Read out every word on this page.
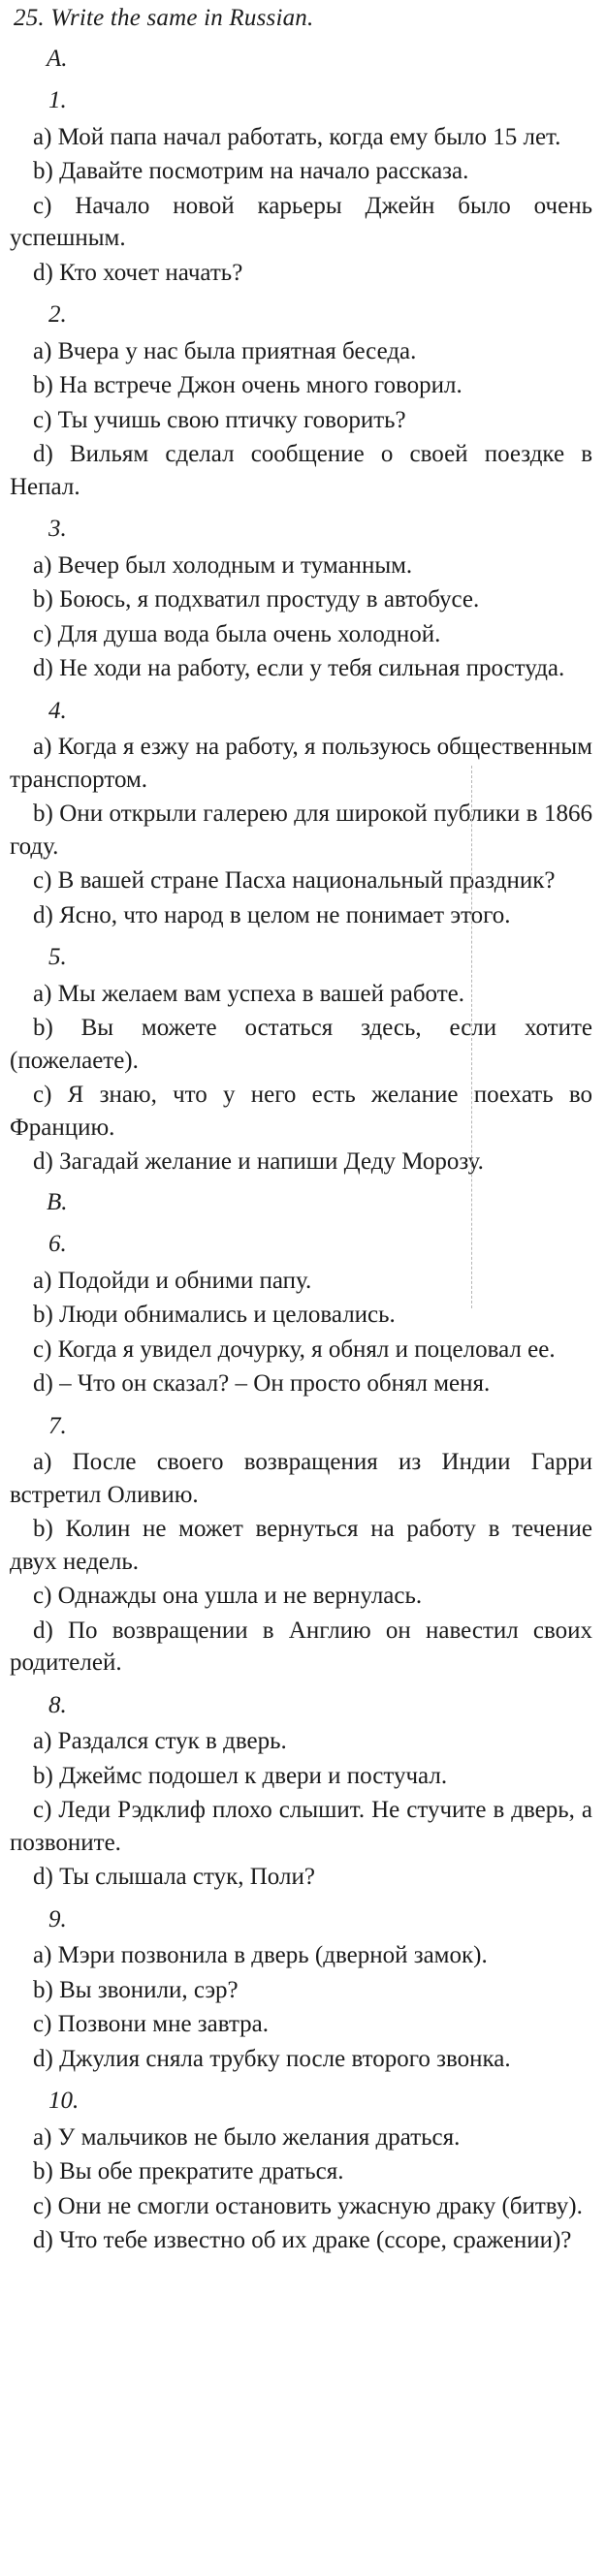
25. Write the same in Russian.
A.
1.
a) Мой папа начал работать, когда ему было 15 лет.
b) Давайте посмотрим на начало рассказа.
c) Начало новой карьеры Джейн было очень успешным.
d) Кто хочет начать?
2.
a) Вчера у нас была приятная беседа.
b) На встрече Джон очень много говорил.
c) Ты учишь свою птичку говорить?
d) Вильям сделал сообщение о своей поездке в Непал.
3.
a) Вечер был холодным и туманным.
b) Боюсь, я подхватил простуду в автобусе.
c) Для душа вода была очень холодной.
d) Не ходи на работу, если у тебя сильная простуда.
4.
a) Когда я езжу на работу, я пользуюсь общественным транспортом.
b) Они открыли галерею для широкой публики в 1866 году.
c) В вашей стране Пасха национальный праздник?
d) Ясно, что народ в целом не понимает этого.
5.
a) Мы желаем вам успеха в вашей работе.
b) Вы можете остаться здесь, если хотите (пожелаете).
c) Я знаю, что у него есть желание поехать во Францию.
d) Загадай желание и напиши Деду Морозу.
B.
6.
a) Подойди и обними папу.
b) Люди обнимались и целовались.
c) Когда я увидел дочурку, я обнял и поцеловал ее.
d) – Что он сказал? – Он просто обнял меня.
7.
a) После своего возвращения из Индии Гарри встретил Оливию.
b) Колин не может вернуться на работу в течение двух недель.
c) Однажды она ушла и не вернулась.
d) По возвращении в Англию он навестил своих родителей.
8.
a) Раздался стук в дверь.
b) Джеймс подошел к двери и постучал.
c) Леди Рэдклиф плохо слышит. Не стучите в дверь, а позвоните.
d) Ты слышала стук, Поли?
9.
a) Мэри позвонила в дверь (дверной замок).
b) Вы звонили, сэр?
c) Позвони мне завтра.
d) Джулия сняла трубку после второго звонка.
10.
a) У мальчиков не было желания драться.
b) Вы обе прекратите драться.
c) Они не смогли остановить ужасную драку (битву).
d) Что тебе известно об их драке (ссоре, сражении)?
